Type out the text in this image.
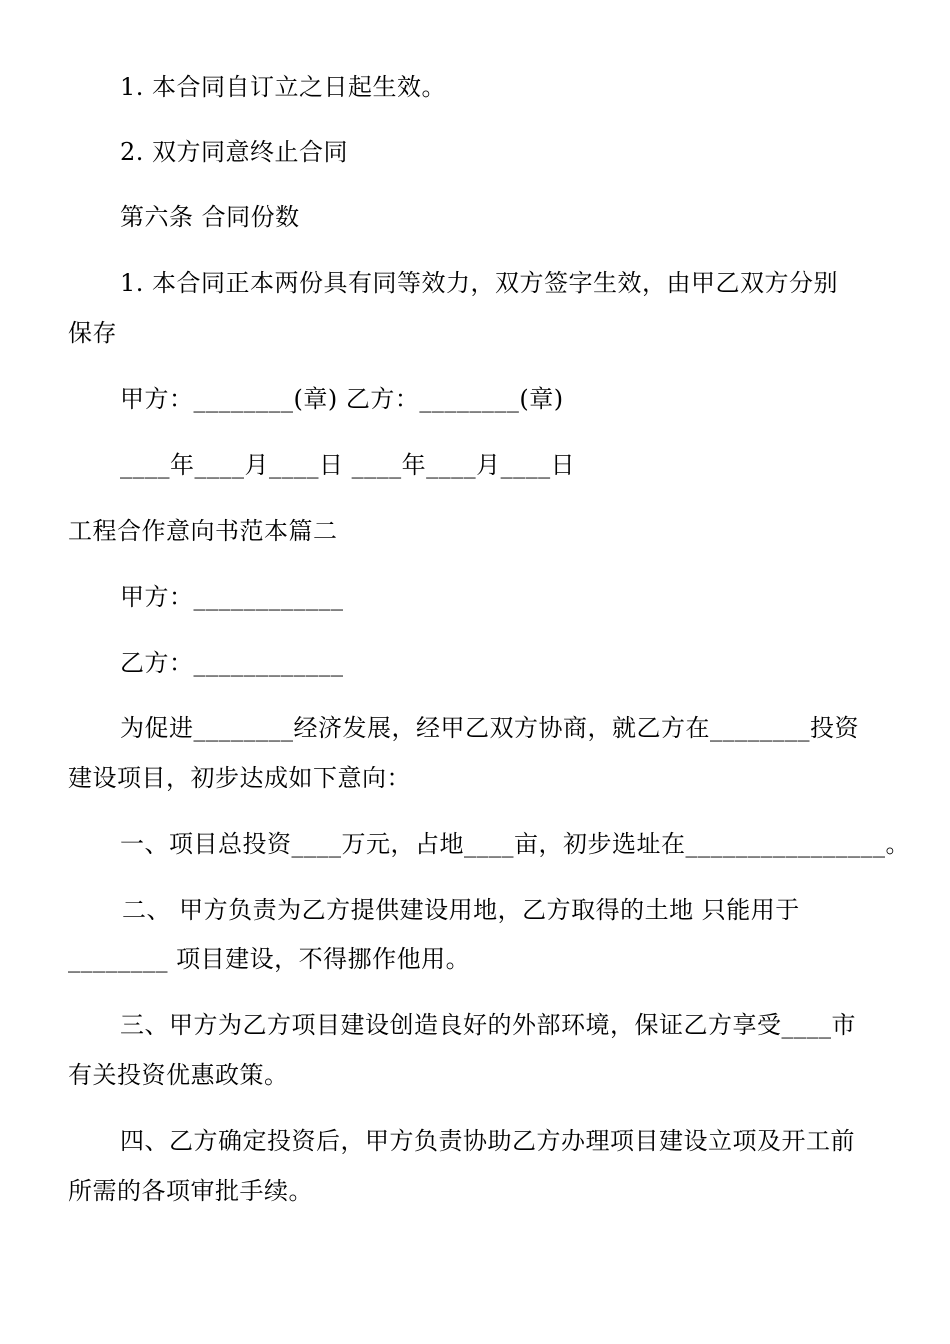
1. 本合同自订立之日起生效。
2. 双方同意终止合同
第六条 合同份数
1. 本合同正本两份具有同等效力，双方签字生效，由甲乙双方分别
保存
甲方：________(章) 乙方：________(章)
____年____月____日 ____年____月____日
工程合作意向书范本篇二
甲方：____________
乙方：____________
为促进________经济发展，经甲乙双方协商，就乙方在________投资
建设项目，初步达成如下意向：
一、项目总投资____万元，占地____亩，初步选址在________________。
二、 甲方负责为乙方提供建设用地，乙方取得的土地 只能用于
________ 项目建设，不得挪作他用。
三、甲方为乙方项目建设创造良好的外部环境，保证乙方享受____市
有关投资优惠政策。
四、乙方确定投资后，甲方负责协助乙方办理项目建设立项及开工前
所需的各项审批手续。
